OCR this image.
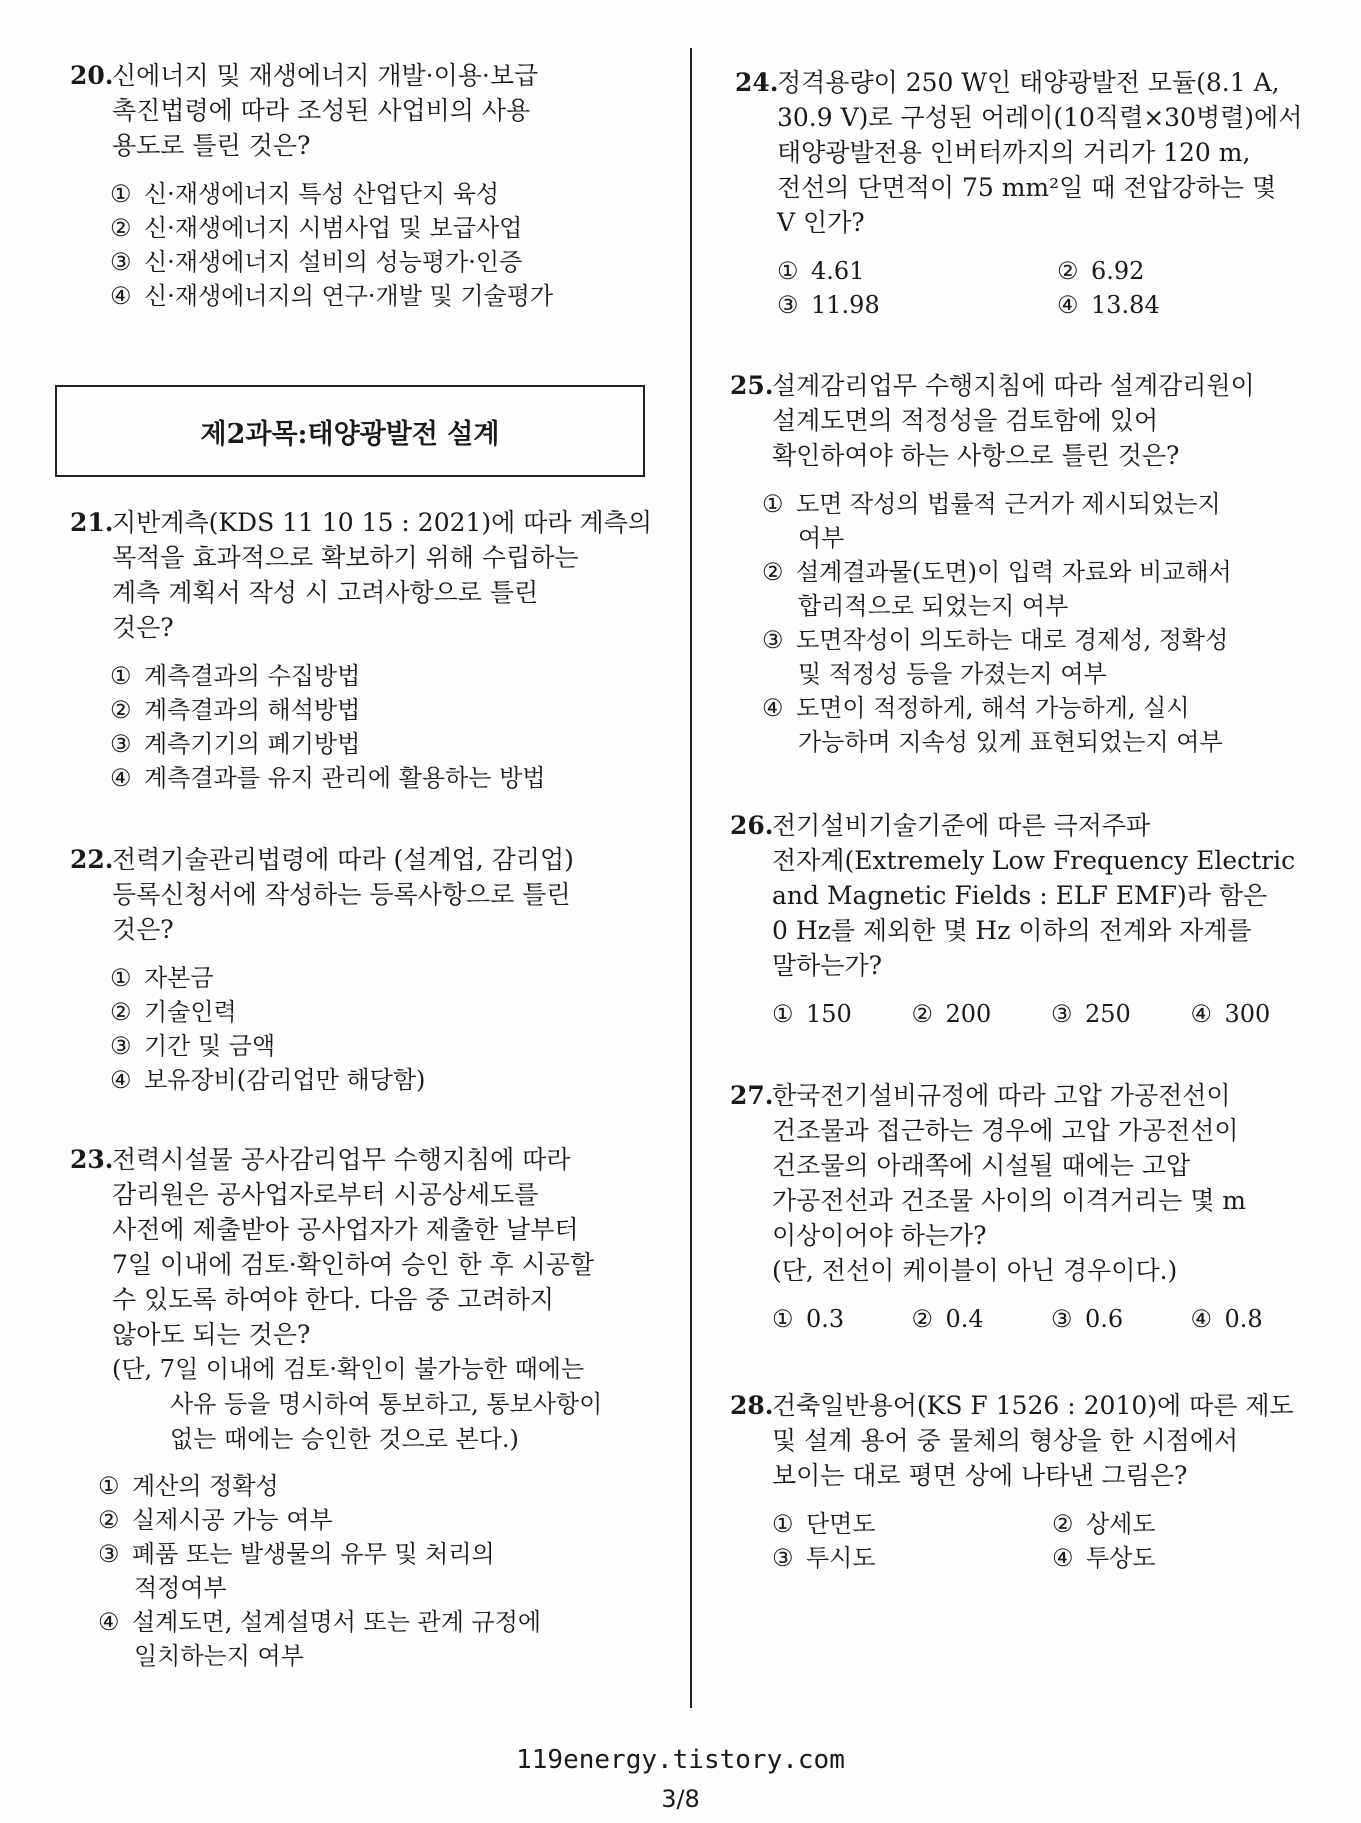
20.
신에너지 및 재생에너지 개발·이용·보급
촉진법령에 따라 조성된 사업비의 사용
용도로 틀린 것은?
① 신·재생에너지 특성 산업단지 육성
② 신·재생에너지 시범사업 및 보급사업
③ 신·재생에너지 설비의 성능평가·인증
④ 신·재생에너지의 연구·개발 및 기술평가
제2과목:태양광발전 설계
21.
지반계측(KDS 11 10 15 : 2021)에 따라 계측의
목적을 효과적으로 확보하기 위해 수립하는
계측 계획서 작성 시 고려사항으로 틀린
것은?
① 계측결과의 수집방법
② 계측결과의 해석방법
③ 계측기기의 폐기방법
④ 계측결과를 유지 관리에 활용하는 방법
22.
전력기술관리법령에 따라 (설계업, 감리업)
등록신청서에 작성하는 등록사항으로 틀린
것은?
① 자본금
② 기술인력
③ 기간 및 금액
④ 보유장비(감리업만 해당함)
23.
전력시설물 공사감리업무 수행지침에 따라
감리원은 공사업자로부터 시공상세도를
사전에 제출받아 공사업자가 제출한 날부터
7일 이내에 검토·확인하여 승인 한 후 시공할
수 있도록 하여야 한다. 다음 중 고려하지
않아도 되는 것은?
(단, 7일 이내에 검토·확인이 불가능한 때에는
사유 등을 명시하여 통보하고, 통보사항이
없는 때에는 승인한 것으로 본다.)
① 계산의 정확성
② 실제시공 가능 여부
③ 폐품 또는 발생물의 유무 및 처리의
적정여부
④ 설계도면, 설계설명서 또는 관계 규정에
일치하는지 여부
24.
정격용량이 250 W인 태양광발전 모듈(8.1 A,
30.9 V)로 구성된 어레이(10직렬×30병렬)에서
태양광발전용 인버터까지의 거리가 120 m,
전선의 단면적이 75 mm²일 때 전압강하는 몇
V 인가?
① 4.61	② 6.92
③ 11.98	④ 13.84
25.
설계감리업무 수행지침에 따라 설계감리원이
설계도면의 적정성을 검토함에 있어
확인하여야 하는 사항으로 틀린 것은?
① 도면 작성의 법률적 근거가 제시되었는지
여부
② 설계결과물(도면)이 입력 자료와 비교해서
합리적으로 되었는지 여부
③ 도면작성이 의도하는 대로 경제성, 정확성
및 적정성 등을 가졌는지 여부
④ 도면이 적정하게, 해석 가능하게, 실시
가능하며 지속성 있게 표현되었는지 여부
26.
전기설비기술기준에 따른 극저주파
전자계(Extremely Low Frequency Electric
and Magnetic Fields : ELF EMF)라 함은
0 Hz를 제외한 몇 Hz 이하의 전계와 자계를
말하는가?
① 150	② 200	③ 250	④ 300
27.
한국전기설비규정에 따라 고압 가공전선이
건조물과 접근하는 경우에 고압 가공전선이
건조물의 아래쪽에 시설될 때에는 고압
가공전선과 건조물 사이의 이격거리는 몇 m
이상이어야 하는가?
(단, 전선이 케이블이 아닌 경우이다.)
① 0.3	② 0.4	③ 0.6	④ 0.8
28.
건축일반용어(KS F 1526 : 2010)에 따른 제도
및 설계 용어 중 물체의 형상을 한 시점에서
보이는 대로 평면 상에 나타낸 그림은?
① 단면도	② 상세도
③ 투시도	④ 투상도
119energy.tistory.com
3/8
